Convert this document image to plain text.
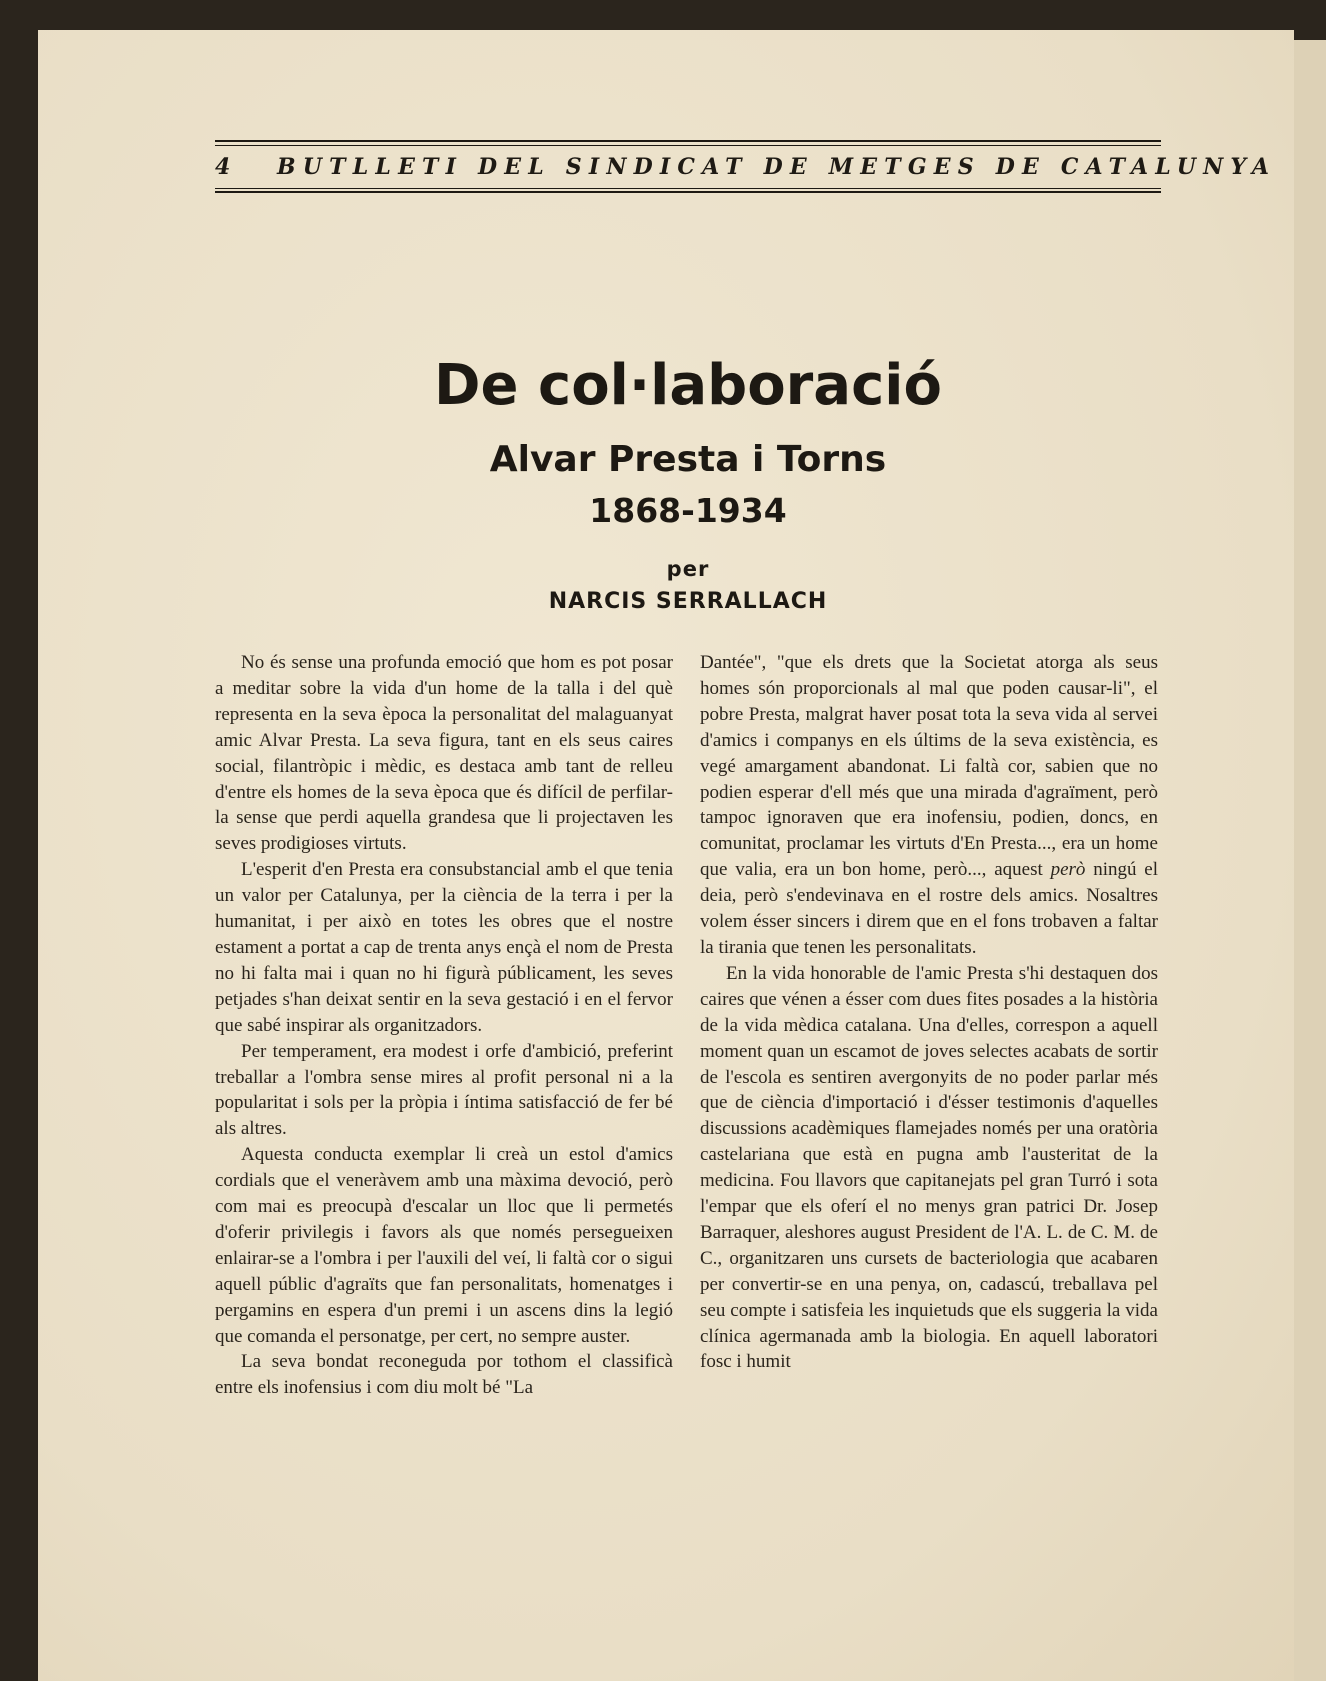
4 BUTLLETI DEL SINDICAT DE METGES DE CATALUNYA
De col·laboració
Alvar Presta i Torns
1868-1934
per
NARCIS SERRALLACH

No és sense una profunda emoció que hom es pot posar a meditar sobre la vida d'un home de la talla i del què representa en la seva època la personalitat del malaguanyat amic Alvar Presta. La seva figura, tant en els seus caires social, filantròpic i mèdic, es destaca amb tant de relleu d'entre els homes de la seva època que és difícil de perfilar-la sense que perdi aquella grandesa que li projectaven les seves prodigioses virtuts.

L'esperit d'en Presta era consubstancial amb el que tenia un valor per Catalunya, per la ciència de la terra i per la humanitat, i per això en totes les obres que el nostre estament a portat a cap de trenta anys ençà el nom de Presta no hi falta mai i quan no hi figurà públicament, les seves petjades s'han deixat sentir en la seva gestació i en el fervor que sabé inspirar als organitzadors.

Per temperament, era modest i orfe d'ambició, preferint treballar a l'ombra sense mires al profit personal ni a la popularitat i sols per la pròpia i íntima satisfacció de fer bé als altres.

Aquesta conducta exemplar li creà un estol d'amics cordials que el veneràvem amb una màxima devoció, però com mai es preocupà d'escalar un lloc que li permetés d'oferir privilegis i favors als que només persegueixen enlairar-se a l'ombra i per l'auxili del veí, li faltà cor o sigui aquell públic d'agraïts que fan personalitats, homenatges i pergamins en espera d'un premi i un ascens dins la legió que comanda el personatge, per cert, no sempre auster.

La seva bondat reconeguda por tothom el classificà entre els inofensius i com diu molt bé "La

Dantée", "que els drets que la Societat atorga als seus homes són proporcionals al mal que poden causar-li", el pobre Presta, malgrat haver posat tota la seva vida al servei d'amics i companys en els últims de la seva existència, es vegé amargament abandonat. Li faltà cor, sabien que no podien esperar d'ell més que una mirada d'agraïment, però tampoc ignoraven que era inofensiu, podien, doncs, en comunitat, proclamar les virtuts d'En Presta..., era un home que valia, era un bon home, però..., aquest però ningú el deia, però s'endevinava en el rostre dels amics. Nosaltres volem ésser sincers i direm que en el fons trobaven a faltar la tirania que tenen les personalitats.

En la vida honorable de l'amic Presta s'hi destaquen dos caires que vénen a ésser com dues fites posades a la història de la vida mèdica catalana. Una d'elles, correspon a aquell moment quan un escamot de joves selectes acabats de sortir de l'escola es sentiren avergonyits de no poder parlar més que de ciència d'importació i d'ésser testimonis d'aquelles discussions acadèmiques flamejades només per una oratòria castelariana que està en pugna amb l'austeritat de la medicina. Fou llavors que capitanejats pel gran Turró i sota l'empar que els oferí el no menys gran patrici Dr. Josep Barraquer, aleshores august President de l'A. L. de C. M. de C., organitzaren uns cursets de bacteriologia que acabaren per convertir-se en una penya, on, cadascú, treballava pel seu compte i satisfeia les inquietuds que els suggeria la vida clínica agermanada amb la biologia. En aquell laboratori fosc i humit
